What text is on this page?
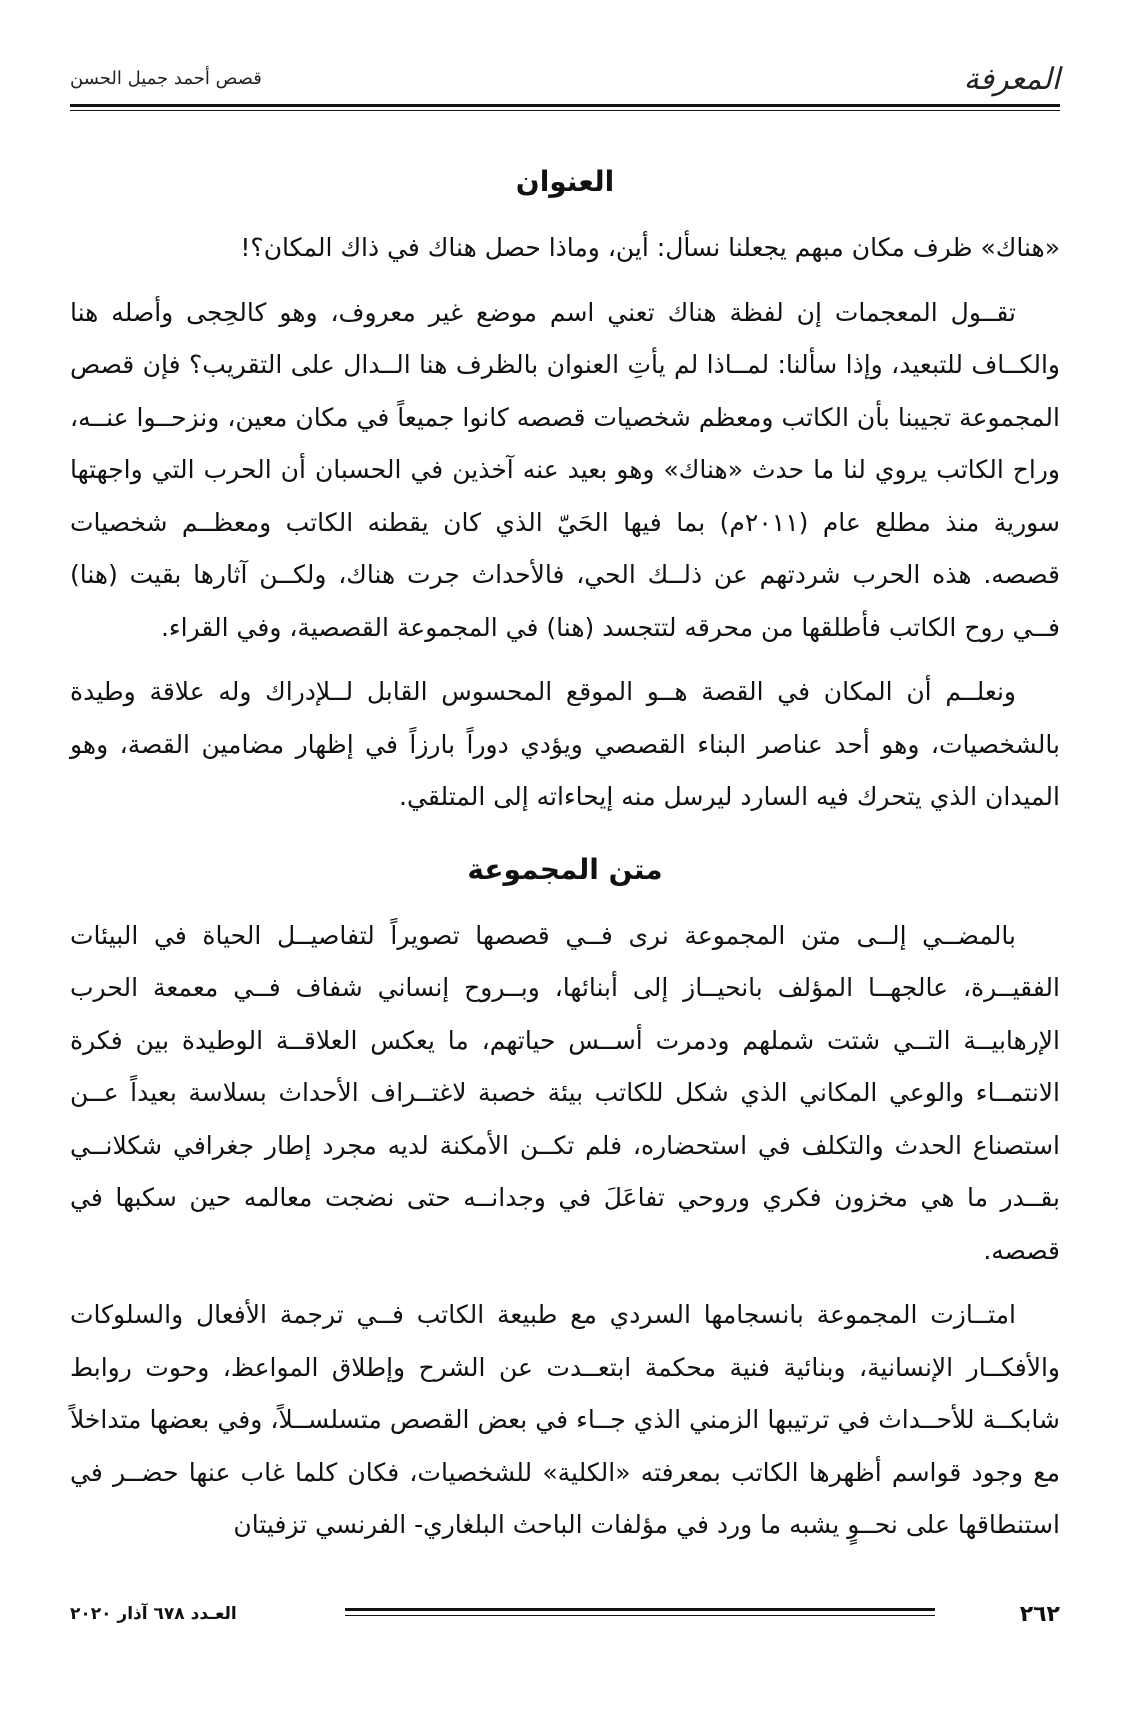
المعرفة
قصص أحمد جميل الحسن
العنوان

«هناك» ظرف مكان مبهم يجعلنا نسأل: أين، وماذا حصل هناك في ذاك المكان؟!

تقــول المعجمات إن لفظة هناك تعني اسم موضع غير معروف، وهو كالحِجى وأصله هنا والكــاف للتبعيد، وإذا سألنا: لمــاذا لم يأتِ العنوان بالظرف هنا الــدال على التقريب؟ فإن قصص المجموعة تجيبنا بأن الكاتب ومعظم شخصيات قصصه كانوا جميعاً في مكان معين، ونزحــوا عنــه، وراح الكاتب يروي لنا ما حدث «هناك» وهو بعيد عنه آخذين في الحسبان أن الحرب التي واجهتها سورية منذ مطلع عام (٢٠١١م) بما فيها الحَيّ الذي كان يقطنه الكاتب ومعظــم شخصيات قصصه. هذه الحرب شردتهم عن ذلــك الحي، فالأحداث جرت هناك، ولكــن آثارها بقيت (هنا) فــي روح الكاتب فأطلقها من محرقه لتتجسد (هنا) في المجموعة القصصية، وفي القراء.

ونعلــم أن المكان في القصة هــو الموقع المحسوس القابل لــلإدراك وله علاقة وطيدة بالشخصيات، وهو أحد عناصر البناء القصصي ويؤدي دوراً بارزاً في إظهار مضامين القصة، وهو الميدان الذي يتحرك فيه السارد ليرسل منه إيحاءاته إلى المتلقي.

متن المجموعة

بالمضــي إلــى متن المجموعة نرى فــي قصصها تصويراً لتفاصيــل الحياة في البيئات الفقيــرة، عالجهــا المؤلف بانحيــاز إلى أبنائها، وبــروح إنساني شفاف فــي معمعة الحرب الإرهابيــة التــي شتت شملهم ودمرت أســس حياتهم، ما يعكس العلاقــة الوطيدة بين فكرة الانتمــاء والوعي المكاني الذي شكل للكاتب بيئة خصبة لاغتــراف الأحداث بسلاسة بعيداً عــن استصناع الحدث والتكلف في استحضاره، فلم تكــن الأمكنة لديه مجرد إطار جغرافي شكلانــي بقــدر ما هي مخزون فكري وروحي تفاعَلَ في وجدانــه حتى نضجت معالمه حين سكبها في قصصه.

امتــازت المجموعة بانسجامها السردي مع طبيعة الكاتب فــي ترجمة الأفعال والسلوكات والأفكــار الإنسانية، وبنائية فنية محكمة ابتعــدت عن الشرح وإطلاق المواعظ، وحوت روابط شابكــة للأحــداث في ترتيبها الزمني الذي جــاء في بعض القصص متسلســلاً، وفي بعضها متداخلاً مع وجود قواسم أظهرها الكاتب بمعرفته «الكلية» للشخصيات، فكان كلما غاب عنها حضــر في استنطاقها على نحــوٍ يشبه ما ورد في مؤلفات الباحث البلغاري- الفرنسي تزفيتان

٢٦٢
العـدد ٦٧٨ آذار ٢٠٢٠
